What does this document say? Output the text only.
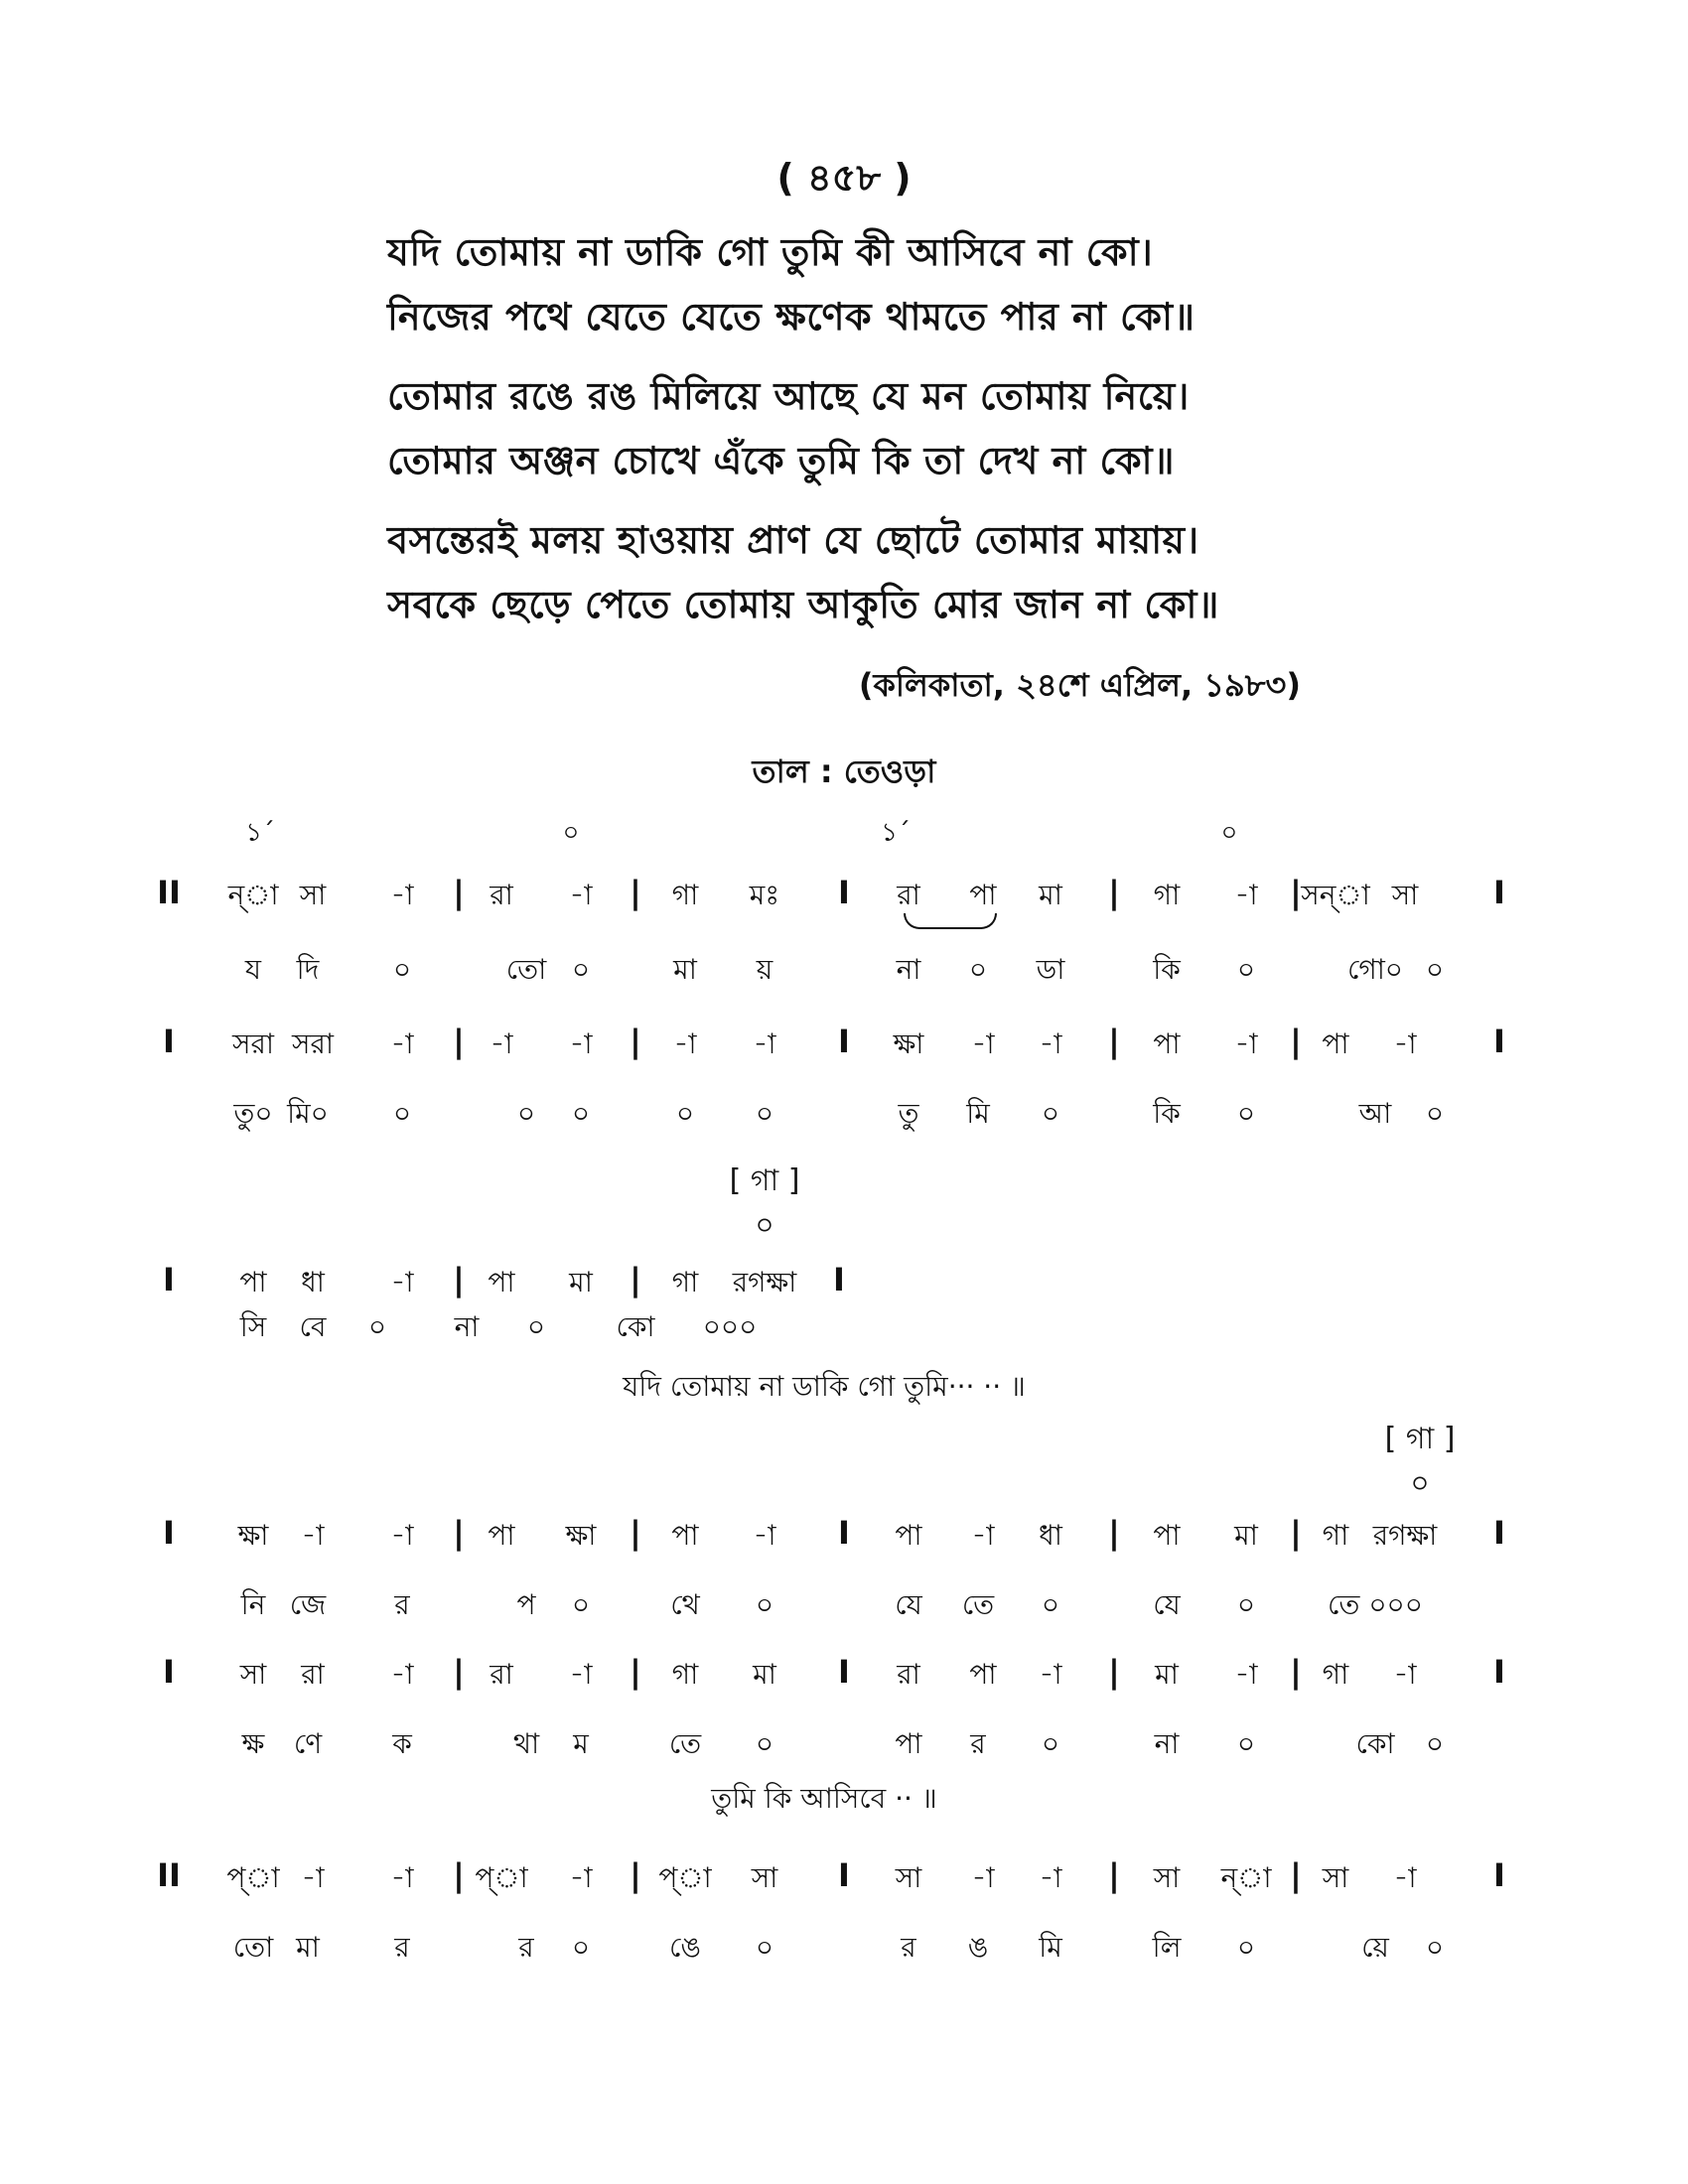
( ৪৫৮ )
যদি তোমায় না ডাকি গো তুমি কী আসিবে না কো।
নিজের পথে যেতে যেতে ক্ষণেক থামতে পার না কো॥
তোমার রঙে রঙ মিলিয়ে আছে যে মন তোমায় নিয়ে।
তোমার অঞ্জন চোখে এঁকে তুমি কি তা দেখ না কো॥
বসন্তেরই মলয় হাওয়ায় প্রাণ যে ছোটে তোমার মায়ায়।
সবকে ছেড়ে পেতে তোমায় আকুতি মোর জান না কো॥
(কলিকাতা, ২৪শে এপ্রিল, ১৯৮৩)
তাল : তেওড়া
১´	০	১´	০
II ন্‌া সা -া | রা -া | গা মঃ I রা পা মা | গা -া | সন্‌া সা I
য দি	০	তো ০	মা য়	না ০ ডা	কি ০	গো০ ০
I সরা সরা -া | -া -া | -া -া I ক্ষা -া -া | পা -া | পা -া I
তু০ মি০ ০	০ ০	০ ০	তু মি ০	কি ০	আ ০
[ গা ]
০
I পা ধা -া | পা মা | গা রগক্ষা I
সি বে ০ না ০	কো ০০০
যদি তোমায় না ডাকি গো তুমি··· ·· ॥
[ গা ]
০
I ক্ষা -া -া | পা ক্ষা | পা -া I পা -া ধা | পা মা | গা রগক্ষা I
নি জে র	প ০	থে ০	যে তে ০	যে ০	তে ০০০
I সা রা -া | রা -া | গা মা I রা পা -া | মা -া | গা -া I
ক্ষ ণে	ক	থা ম	তে ০	পা র ০	না ০	কো ০
তুমি কি আসিবে ·· ॥
II প্‌া -া -া | প্‌া -া | প্‌া সা I সা -া -া | সা ন্‌া | সা -া I
তো মা	র	র ০	ঙে ০	র ঙ মি	লি ০	য়ে ০
